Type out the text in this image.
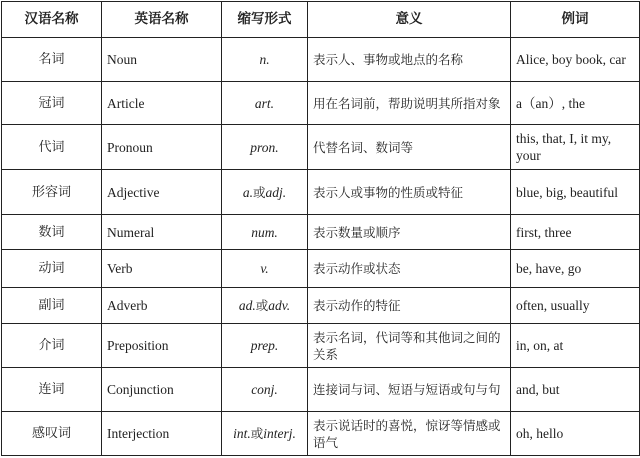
汉语名称	英语名称	缩写形式	意义	例词
名词	Noun	n.	表示人、事物或地点的名称	Alice, boy book, car
冠词	Article	art.	用在名词前，帮助说明其所指对象	a（an）, the
代词	Pronoun	pron.	代替名词、数词等	this, that, I, it my, your
形容词	Adjective	a.或adj.	表示人或事物的性质或特征	blue, big, beautiful
数词	Numeral	num.	表示数量或顺序	first, three
动词	Verb	v.	表示动作或状态	be, have, go
副词	Adverb	ad.或adv.	表示动作的特征	often, usually
介词	Preposition	prep.	表示名词，代词等和其他词之间的关系	in, on, at
连词	Conjunction	conj.	连接词与词、短语与短语或句与句	and, but
感叹词	Interjection	int.或interj.	表示说话时的喜悦，惊讶等情感或语气	oh, hello
